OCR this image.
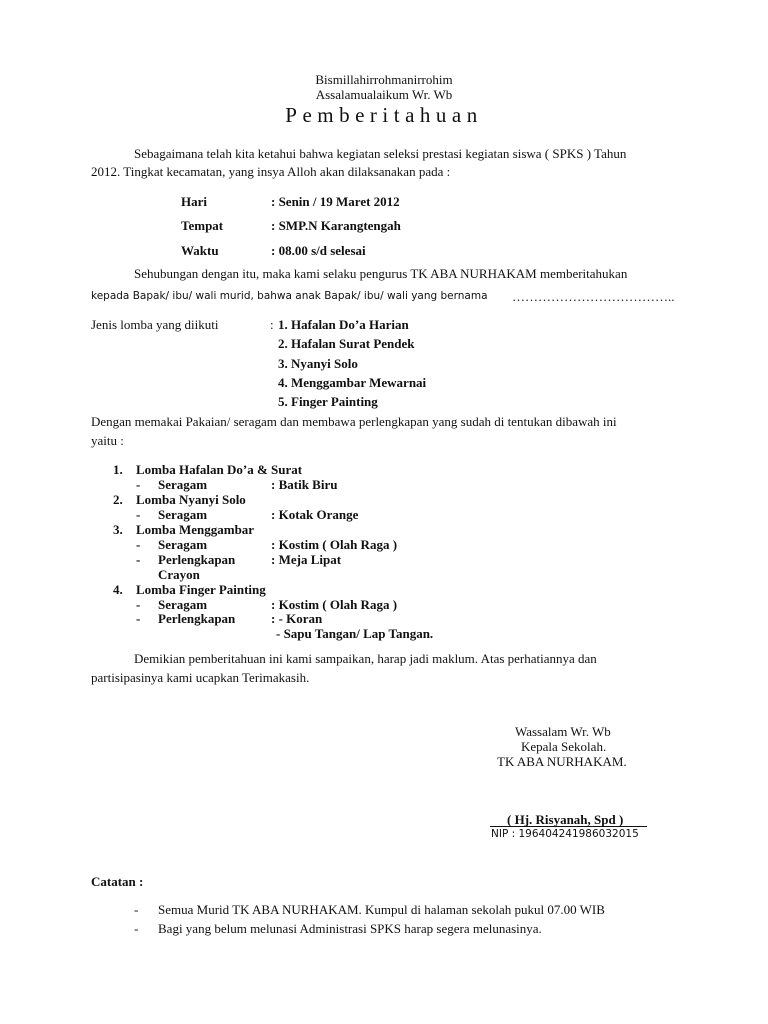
Bismillahirrohmanirrohim
Assalamualaikum Wr. Wb
Pemberitahuan
Sebagaimana telah kita ketahui bahwa kegiatan seleksi prestasi kegiatan siswa ( SPKS ) Tahun
2012. Tingkat kecamatan, yang insya Alloh akan dilaksanakan pada :
Hari	: Senin / 19 Maret 2012
Tempat	: SMP.N Karangtengah
Waktu	: 08.00 s/d selesai
Sehubungan dengan itu, maka kami selaku pengurus TK ABA NURHAKAM memberitahukan
kepada Bapak/ ibu/ wali murid, bahwa anak Bapak/ ibu/ wali yang bernama ………………………………..
Jenis lomba yang diikuti	: 1. Hafalan Do’a Harian
2. Hafalan Surat Pendek
3. Nyanyi Solo
4. Menggambar Mewarnai
5. Finger Painting
Dengan memakai Pakaian/ seragam dan membawa perlengkapan yang sudah di tentukan dibawah ini
yaitu :
1. Lomba Hafalan Do’a & Surat
- Seragam	: Batik Biru
2. Lomba Nyanyi Solo
- Seragam	: Kotak Orange
3. Lomba Menggambar
- Seragam	: Kostim ( Olah Raga )
- Perlengkapan	: Meja Lipat
Crayon
4. Lomba Finger Painting
- Seragam	: Kostim ( Olah Raga )
- Perlengkapan	: - Koran
- Sapu Tangan/ Lap Tangan.
Demikian pemberitahuan ini kami sampaikan, harap jadi maklum. Atas perhatiannya dan
partisipasinya kami ucapkan Terimakasih.
Wassalam Wr. Wb
Kepala Sekolah.
TK ABA NURHAKAM.
( Hj. Risyanah, Spd )
NIP : 196404241986032015
Catatan :
- Semua Murid TK ABA NURHAKAM. Kumpul di halaman sekolah pukul 07.00 WIB
- Bagi yang belum melunasi Administrasi SPKS harap segera melunasinya.
